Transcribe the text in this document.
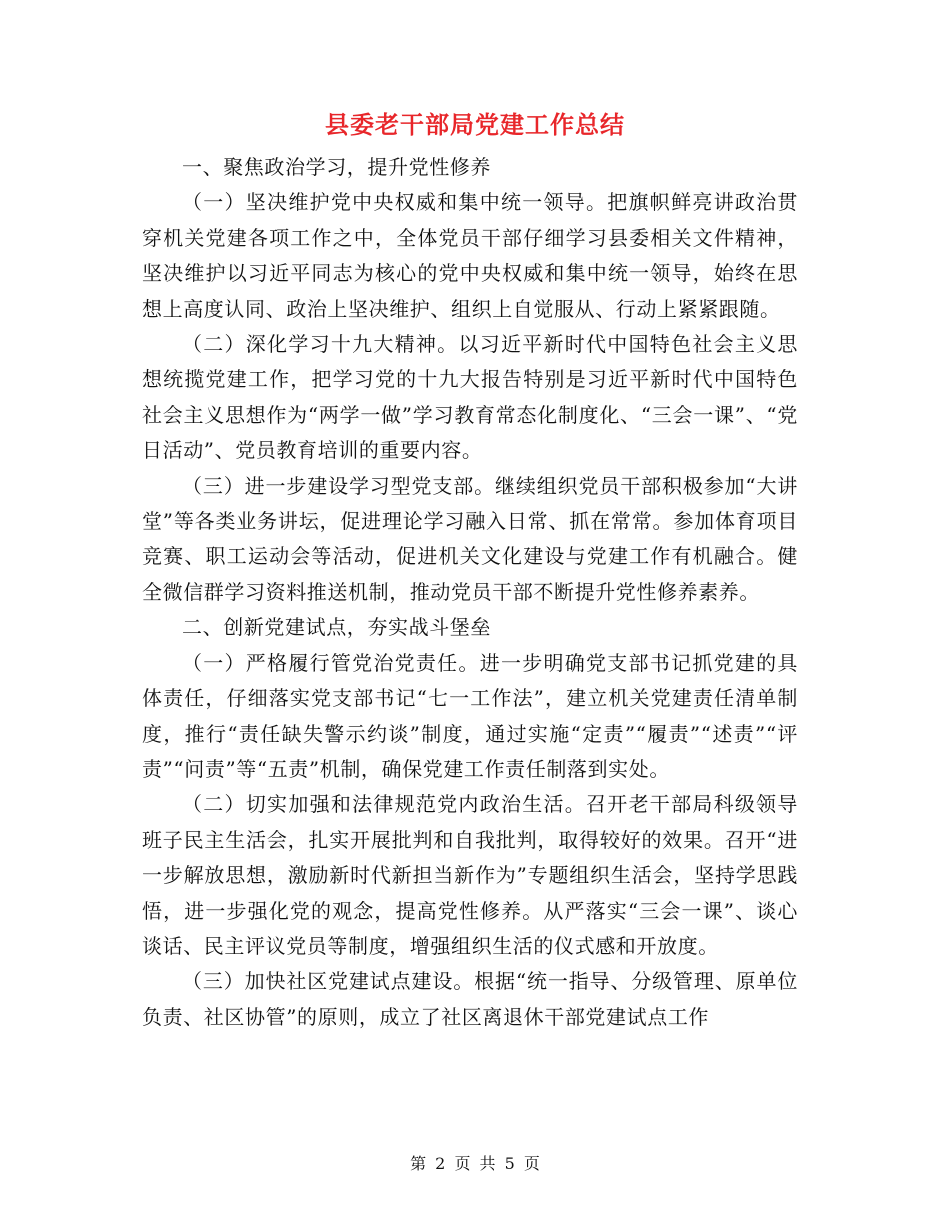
县委老干部局党建工作总结

一、聚焦政治学习，提升党性修养

（一）坚决维护党中央权威和集中统一领导。把旗帜鲜亮讲政治贯穿机关党建各项工作之中，全体党员干部仔细学习县委相关文件精神，坚决维护以习近平同志为核心的党中央权威和集中统一领导，始终在思想上高度认同、政治上坚决维护、组织上自觉服从、行动上紧紧跟随。

（二）深化学习十九大精神。以习近平新时代中国特色社会主义思想统揽党建工作，把学习党的十九大报告特别是习近平新时代中国特色社会主义思想作为“两学一做”学习教育常态化制度化、“三会一课”、“党日活动”、党员教育培训的重要内容。

（三）进一步建设学习型党支部。继续组织党员干部积极参加“大讲堂”等各类业务讲坛，促进理论学习融入日常、抓在常常。参加体育项目竞赛、职工运动会等活动，促进机关文化建设与党建工作有机融合。健全微信群学习资料推送机制，推动党员干部不断提升党性修养素养。

二、创新党建试点，夯实战斗堡垒

（一）严格履行管党治党责任。进一步明确党支部书记抓党建的具体责任，仔细落实党支部书记“七一工作法”，建立机关党建责任清单制度，推行“责任缺失警示约谈”制度，通过实施“定责”“履责”“述责”“评责”“问责”等“五责”机制，确保党建工作责任制落到实处。

（二）切实加强和法律规范党内政治生活。召开老干部局科级领导班子民主生活会，扎实开展批判和自我批判，取得较好的效果。召开“进一步解放思想，激励新时代新担当新作为”专题组织生活会，坚持学思践悟，进一步强化党的观念，提高党性修养。从严落实“三会一课”、谈心谈话、民主评议党员等制度，增强组织生活的仪式感和开放度。

（三）加快社区党建试点建设。根据“统一指导、分级管理、原单位负责、社区协管”的原则，成立了社区离退休干部党建试点工作

第 2 页 共 5 页
